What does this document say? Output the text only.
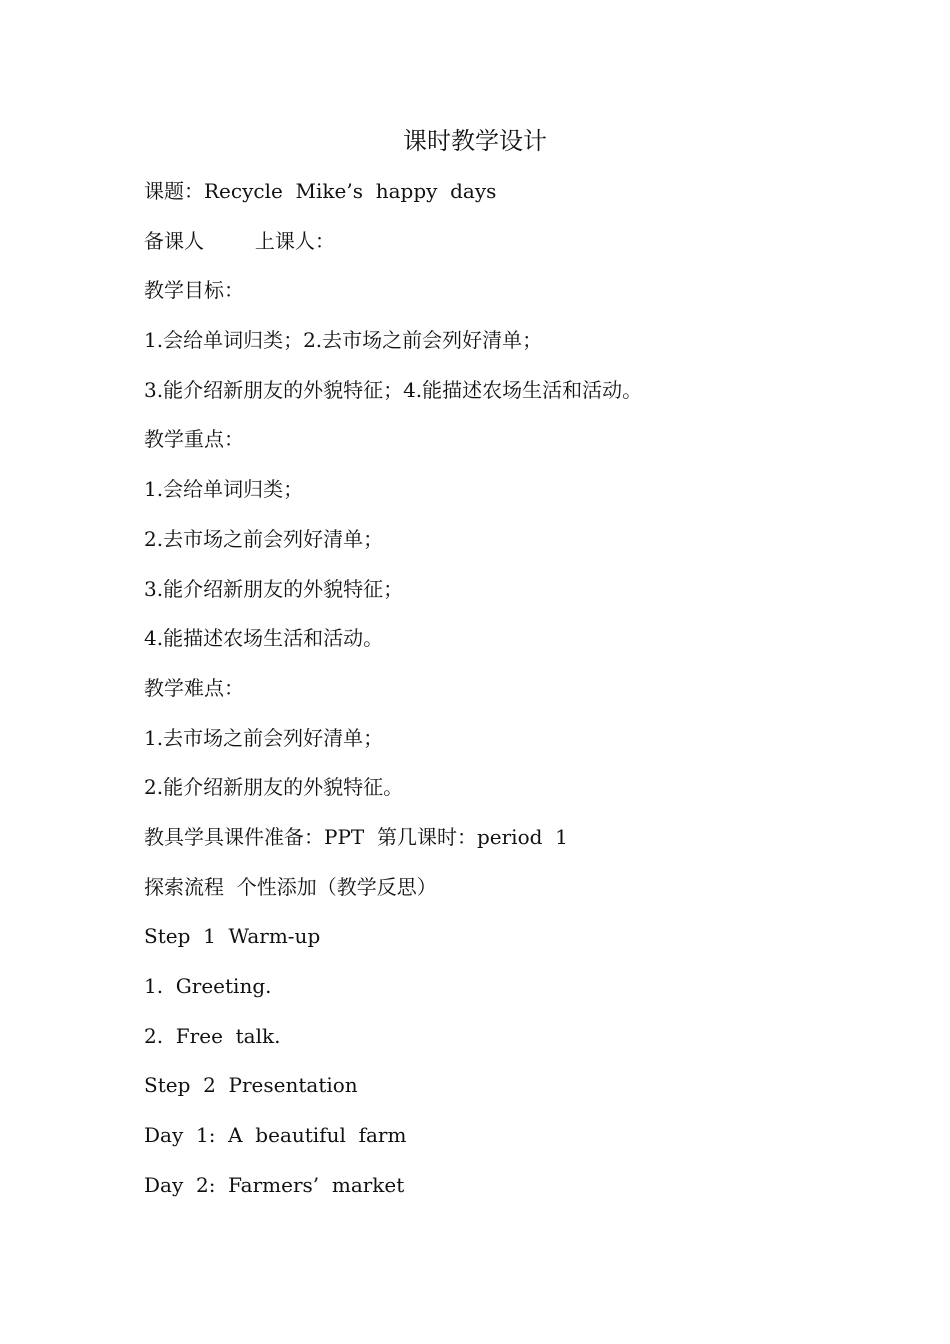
课时教学设计
课题：Recycle  Mike’s  happy  days
备课人        上课人：
教学目标：
1.会给单词归类；2.去市场之前会列好清单；
3.能介绍新朋友的外貌特征；4.能描述农场生活和活动。
教学重点：
1.会给单词归类；
2.去市场之前会列好清单；
3.能介绍新朋友的外貌特征；
4.能描述农场生活和活动。
教学难点：
1.去市场之前会列好清单；
2.能介绍新朋友的外貌特征。
教具学具课件准备：PPT  第几课时：period  1
探索流程  个性添加（教学反思）
Step  1  Warm-up
1.  Greeting.
2.  Free  talk.
Step  2  Presentation
Day  1:  A  beautiful  farm
Day  2:  Farmers’  market
